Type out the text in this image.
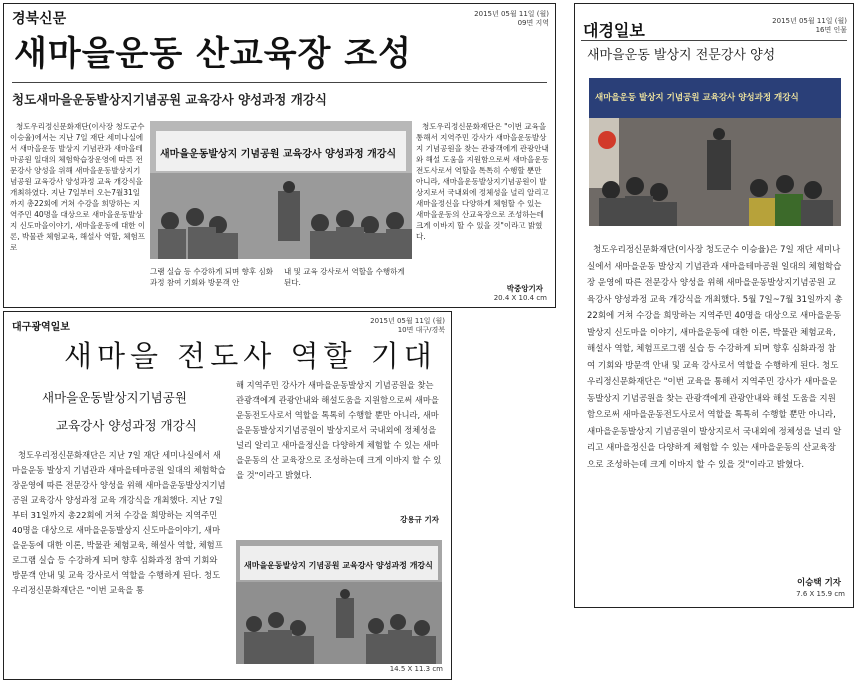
경북신문	2015년 05월 11일 (월)
09면 지역
새마을운동 산교육장 조성
청도새마을운동발상지기념공원 교육강사 양성과정 개강식

청도우리정신문화재단(이사장 청도군수 이승율)에서는 지난 7일 재단 세미나실에서 새마을운동 발상지 기념관과 새마을테마공원 일대의 체험학습장운영에 따른 전문강사 양성을 위해 새마을운동발상지기념공원 교육강사 양성과정 교육 개강식을 개최하였다. 지난 7일부터 오는7월31일까지 총22회에 거쳐 수강을 희망하는 지역주민 40명을 대상으로 새마을운동발상지 신도마을이야기, 새마을운동에 대한 이론, 박물관 체험교육, 해설사 역할, 체험프로

새마을운동발상지 기념공원 교육강사 양성과정 개강식

그램 실습 등 수강하게 되며 향후 심화과정 참여 기회와 방문객 안

내 및 교육 강사로서 역할을 수행하게 된다.

청도우리정신문화재단은 "이번 교육을 통해서 지역주민 강사가 새마을운동발상지 기념공원을 찾는 관광객에게 관광안내와 해설 도움을 지원함으로써 새마을운동전도사로서 역할을 톡톡히 수행할 뿐만 아니라, 새마을운동발상지기념공원이 발상지로서 국내외에 정체성을 널리 알리고 새마을정신을 다양하게 체험할 수 있는 새마을운동의 산교육장으로 조성하는데 크게 이바지 할 수 있을 것"이라고 밝혔다.

박중앙기자
20.4 X 10.4 cm
대구광역일보
2015년 05월 11일 (월)
10면 대구/경북
새마을 전도사 역할 기대
새마을운동발상지기념공원
교육강사 양성과정 개강식

청도우리정신문화재단은 지난 7일 재단 세미나실에서 새마을운동 발상지 기념관과 새마을테마공원 일대의 체험학습장운영에 따른 전문강사 양성을 위해 새마을운동발상지기념공원 교육강사 양성과정 교육 개강식을 개최했다. 지난 7일부터 31일까지 총22회에 거쳐 수강을 희망하는 지역주민 40명을 대상으로 새마을운동발상지 신도마을이야기, 새마을운동에 대한 이론, 박물관 체험교육, 해설사 역할, 체험프로그램 실습 등 수강하게 되며 향후 심화과정 참여 기회와 방문객 안내 및 교육 강사로서 역할을 수행하게 된다. 청도우리정신문화재단은 "이번 교육을 통

해 지역주민 강사가 새마을운동발상지 기념공원을 찾는 관광객에게 관광안내와 해설도움을 지원함으로써 새마을운동전도사로서 역할을 톡톡히 수행할 뿐만 아니라, 새마을운동발상지기념공원이 발상지로서 국내외에 정체성을 널리 알리고 새마을정신을 다양하게 체험할 수 있는 새마을운동의 산 교육장으로 조성하는데 크게 이바지 할 수 있을 것"이라고 밝혔다.

강용규 기자
새마을운동발상지 기념공원 교육강사 양성과정 개강식
14.5 X 11.3 cm
대경일보	2015년 05월 11일 (월)
16면 인물
새마을운동 발상지 전문강사 양성
새마을운동 발상지 기념공원 교육강사 양성과정 개강식

청도우리정신문화재단(이사장 청도군수 이승율)은 7일 재단 세미나실에서 새마을운동 발상지 기념관과 새마을테마공원 일대의 체험학습장 운영에 따른 전문강사 양성을 위해 새마을운동발상지기념공원 교육강사 양성과정 교육 개강식을 개최했다. 5월 7일~7월 31일까지 총22회에 거쳐 수강을 희망하는 지역주민 40명을 대상으로 새마을운동발상지 신도마을 이야기, 새마을운동에 대한 이론, 박물관 체험교육, 해설사 역할, 체험프로그램 실습 등 수강하게 되며 향후 심화과정 참여 기회와 방문객 안내 및 교육 강사로서 역할을 수행하게 된다. 청도우리정신문화재단은 "이번 교육을 통해서 지역주민 강사가 새마을운동발상지 기념공원을 찾는 관광객에게 관광안내와 해설 도움을 지원함으로써 새마을운동전도사로서 역할을 톡톡히 수행할 뿐만 아니라, 새마을운동발상지 기념공원이 발상지로서 국내외에 정체성을 널리 알리고 새마을정신을 다양하게 체험할 수 있는 새마을운동의 산교육장으로 조성하는데 크게 이바지 할 수 있을 것"이라고 밝혔다.

이승택 기자
7.6 X 15.9 cm
